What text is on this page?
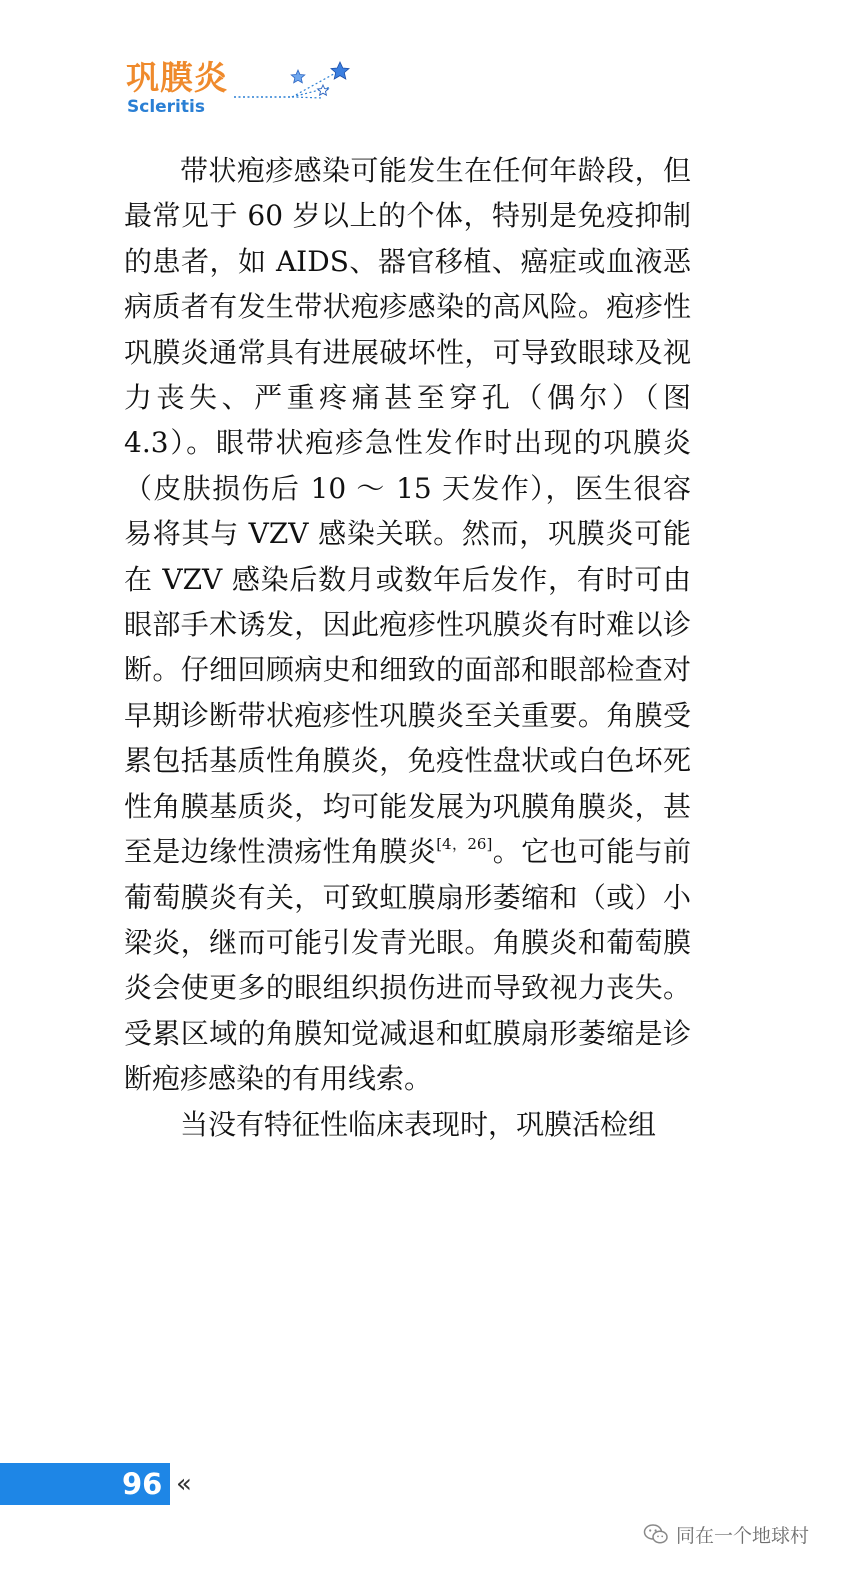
巩膜炎
Scleritis

带状疱疹感染可能发生在任何年龄段，但最常见于 60 岁以上的个体，特别是免疫抑制的患者，如 AIDS、器官移植、癌症或血液恶病质者有发生带状疱疹感染的高风险。疱疹性巩膜炎通常具有进展破坏性，可导致眼球及视力丧失、严重疼痛甚至穿孔（偶尔）（图 4.3）。眼带状疱疹急性发作时出现的巩膜炎（皮肤损伤后 10 ～ 15 天发作），医生很容易将其与 VZV 感染关联。然而，巩膜炎可能在 VZV 感染后数月或数年后发作，有时可由眼部手术诱发，因此疱疹性巩膜炎有时难以诊断。仔细回顾病史和细致的面部和眼部检查对早期诊断带状疱疹性巩膜炎至关重要。角膜受累包括基质性角膜炎，免疫性盘状或白色坏死性角膜基质炎，均可能发展为巩膜角膜炎，甚至是边缘性溃疡性角膜炎[4，26]。它也可能与前葡萄膜炎有关，可致虹膜扇形萎缩和（或）小梁炎，继而可能引发青光眼。角膜炎和葡萄膜炎会使更多的眼组织损伤进而导致视力丧失。受累区域的角膜知觉减退和虹膜扇形萎缩是诊断疱疹感染的有用线索。

当没有特征性临床表现时，巩膜活检组

96 «
同在一个地球村
